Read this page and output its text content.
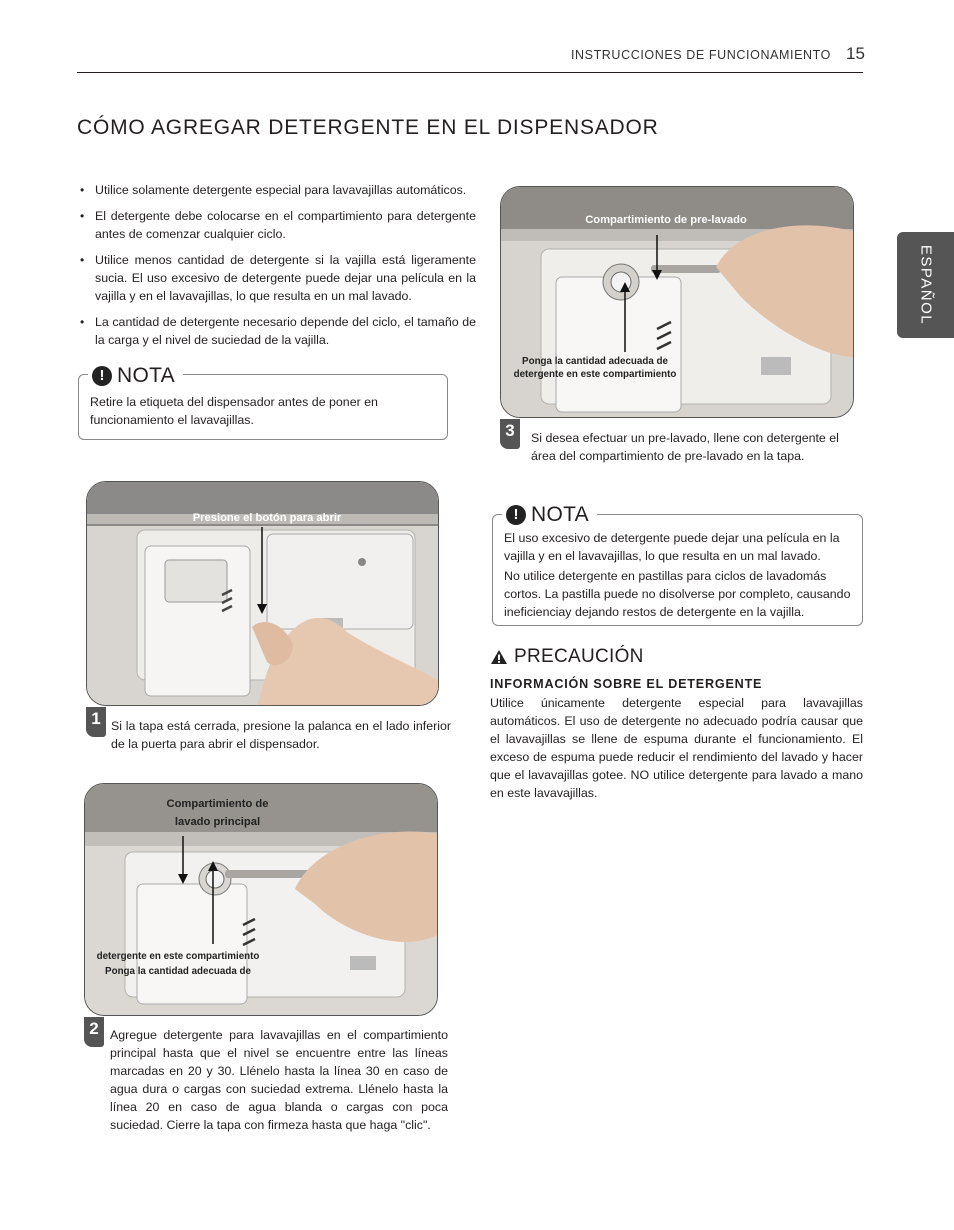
INSTRUCCIONES DE FUNCIONAMIENTO 15
ESPAÑOL
CÓMO AGREGAR DETERGENTE EN EL DISPENSADOR
• Utilice solamente detergente especial para lavavajillas automáticos.
• El detergente debe colocarse en el compartimiento para detergente antes de comenzar cualquier ciclo.
• Utilice menos cantidad de detergente si la vajilla está ligeramente sucia. El uso excesivo de detergente puede dejar una película en la vajilla y en el lavavajillas, lo que resulta en un mal lavado.
• La cantidad de detergente necesario depende del ciclo, el tamaño de la carga y el nivel de suciedad de la vajilla.
! NOTA
Retire la etiqueta del dispensador antes de poner en funcionamiento el lavavajillas.
Presione el botón para abrir
1 Si la tapa está cerrada, presione la palanca en el lado inferior de la puerta para abrir el dispensador.
Compartimiento de
lavado principal
detergente en este compartimiento
Ponga la cantidad adecuada de
2 Agregue detergente para lavavajillas en el compartimiento principal hasta que el nivel se encuentre entre las líneas marcadas en 20 y 30. Llénelo hasta la línea 30 en caso de agua dura o cargas con suciedad extrema. Llénelo hasta la línea 20 en caso de agua blanda o cargas con poca suciedad. Cierre la tapa con firmeza hasta que haga "clic".
Compartimiento de pre-lavado
Ponga la cantidad adecuada de
detergente en este compartimiento
3	Si desea efectuar un pre-lavado, llene con detergente el área del compartimiento de pre-lavado en la tapa.
! NOTA

El uso excesivo de detergente puede dejar una película en la vajilla y en el lavavajillas, lo que resulta en un mal lavado.

No utilice detergente en pastillas para ciclos de lavadomás cortos. La pastilla puede no disolverse por completo, causando ineficienciay dejando restos de detergente en la vajilla.

PRECAUCIÓN
INFORMACIÓN SOBRE EL DETERGENTE
Utilice únicamente detergente especial para lavavajillas automáticos. El uso de detergente no adecuado podría causar que el lavavajillas se llene de espuma durante el funcionamiento. El exceso de espuma puede reducir el rendimiento del lavado y hacer que el lavavajillas gotee. NO utilice detergente para lavado a mano en este lavavajillas.
